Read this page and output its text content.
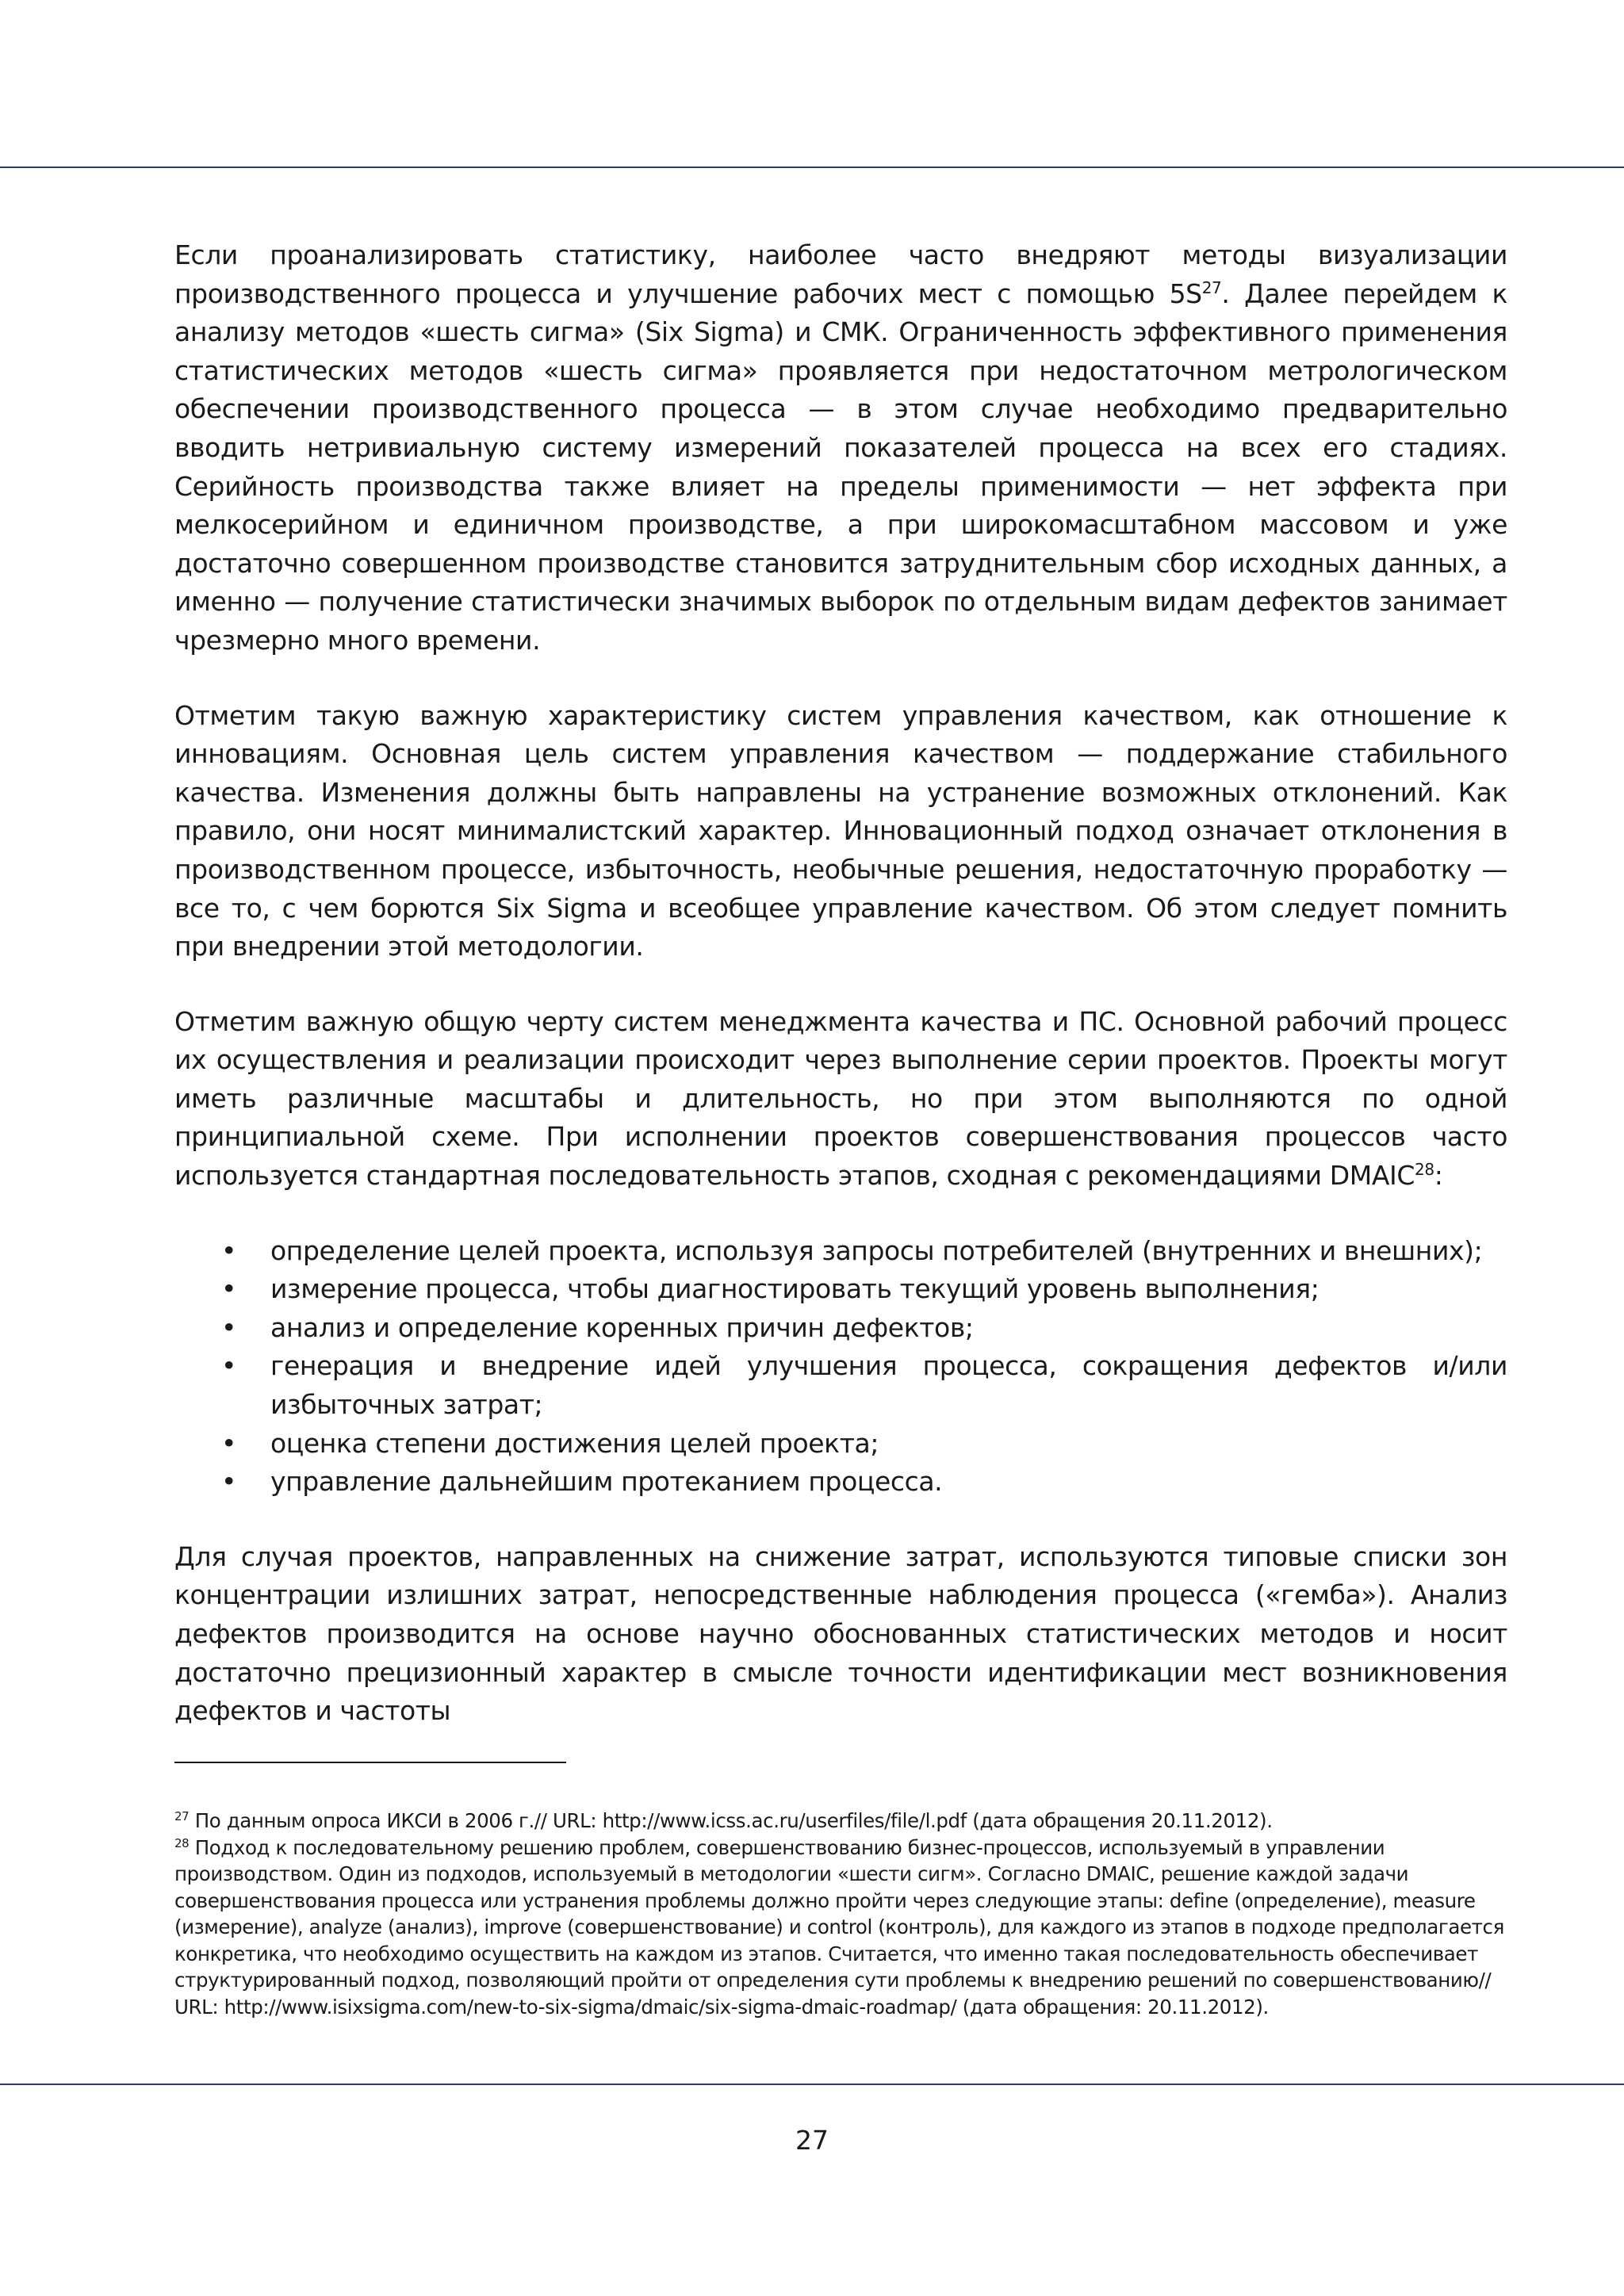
Если проанализировать статистику, наиболее часто внедряют методы визуализации производственного процесса и улучшение рабочих мест с помощью $5S^{27}$. Далее перейдем к анализу методов «шесть сигма» (Six Sigma) и СМК. Ограниченность эффективного применения статистических методов «шесть сигма» проявляется при недостаточном метрологическом обеспечении производственного процесса — в этом случае необходимо предварительно вводить нетривиальную систему измерений показателей процесса на всех его стадиях. Серийность производства также влияет на пределы применимости — нет эффекта при мелкосерийном и единичном производстве, а при широкомасштабном массовом и уже достаточно совершенном производстве становится затруднительным сбор исходных данных, а именно — получение статистически значимых выборок по отдельным видам дефектов занимает чрезмерно много времени.

Отметим такую важную характеристику систем управления качеством, как отношение к инновациям. Основная цель систем управления качеством — поддержание стабильного качества. Изменения должны быть направлены на устранение возможных отклонений. Как правило, они носят минималистский характер. Инновационный подход означает отклонения в производственном процессе, избыточность, необычные решения, недостаточную проработку — все то, с чем борются Six Sigma и всеобщее управление качеством. Об этом следует помнить при внедрении этой методологии.

Отметим важную общую черту систем менеджмента качества и ПС. Основной рабочий процесс их осуществления и реализации происходит через выполнение серии проектов. Проекты могут иметь различные масштабы и длительность, но при этом выполняются по одной принципиальной схеме. При исполнении проектов совершенствования процессов часто используется стандартная последовательность этапов, сходная с рекомендациями DMAIC$^{28}$:

• определение целей проекта, используя запросы потребителей (внутренних и внешних);
• измерение процесса, чтобы диагностировать текущий уровень выполнения;
• анализ и определение коренных причин дефектов;
• генерация и внедрение идей улучшения процесса, сокращения дефектов и/или избыточных затрат;
• оценка степени достижения целей проекта;
• управление дальнейшим протеканием процесса.

Для случая проектов, направленных на снижение затрат, используются типовые списки зон концентрации излишних затрат, непосредственные наблюдения процесса («гемба»). Анализ дефектов производится на основе научно обоснованных статистических методов и носит достаточно прецизионный характер в смысле точности идентификации мест возникновения дефектов и частоты

$^{27}$ По данным опроса ИКСИ в 2006 г.// URL: http://www.icss.ac.ru/userfiles/file/l.pdf (дата обращения 20.11.2012).

$^{28}$ Подход к последовательному решению проблем, совершенствованию бизнес-процессов, используемый в управлении производством. Один из подходов, используемый в методологии «шести сигм». Согласно DMAIC, решение каждой задачи совершенствования процесса или устранения проблемы должно пройти через следующие этапы: define (определение), measure (измерение), analyze (анализ), improve (совершенствование) и control (контроль), для каждого из этапов в подходе предполагается конкретика, что необходимо осуществить на каждом из этапов. Считается, что именно такая последовательность обеспечивает структурированный подход, позволяющий пройти от определения сути проблемы к внедрению решений по совершенствованию// URL: http://www.isixsigma.com/new-to-six-sigma/dmaic/six-sigma-dmaic-roadmap/ (дата обращения: 20.11.2012).

27
